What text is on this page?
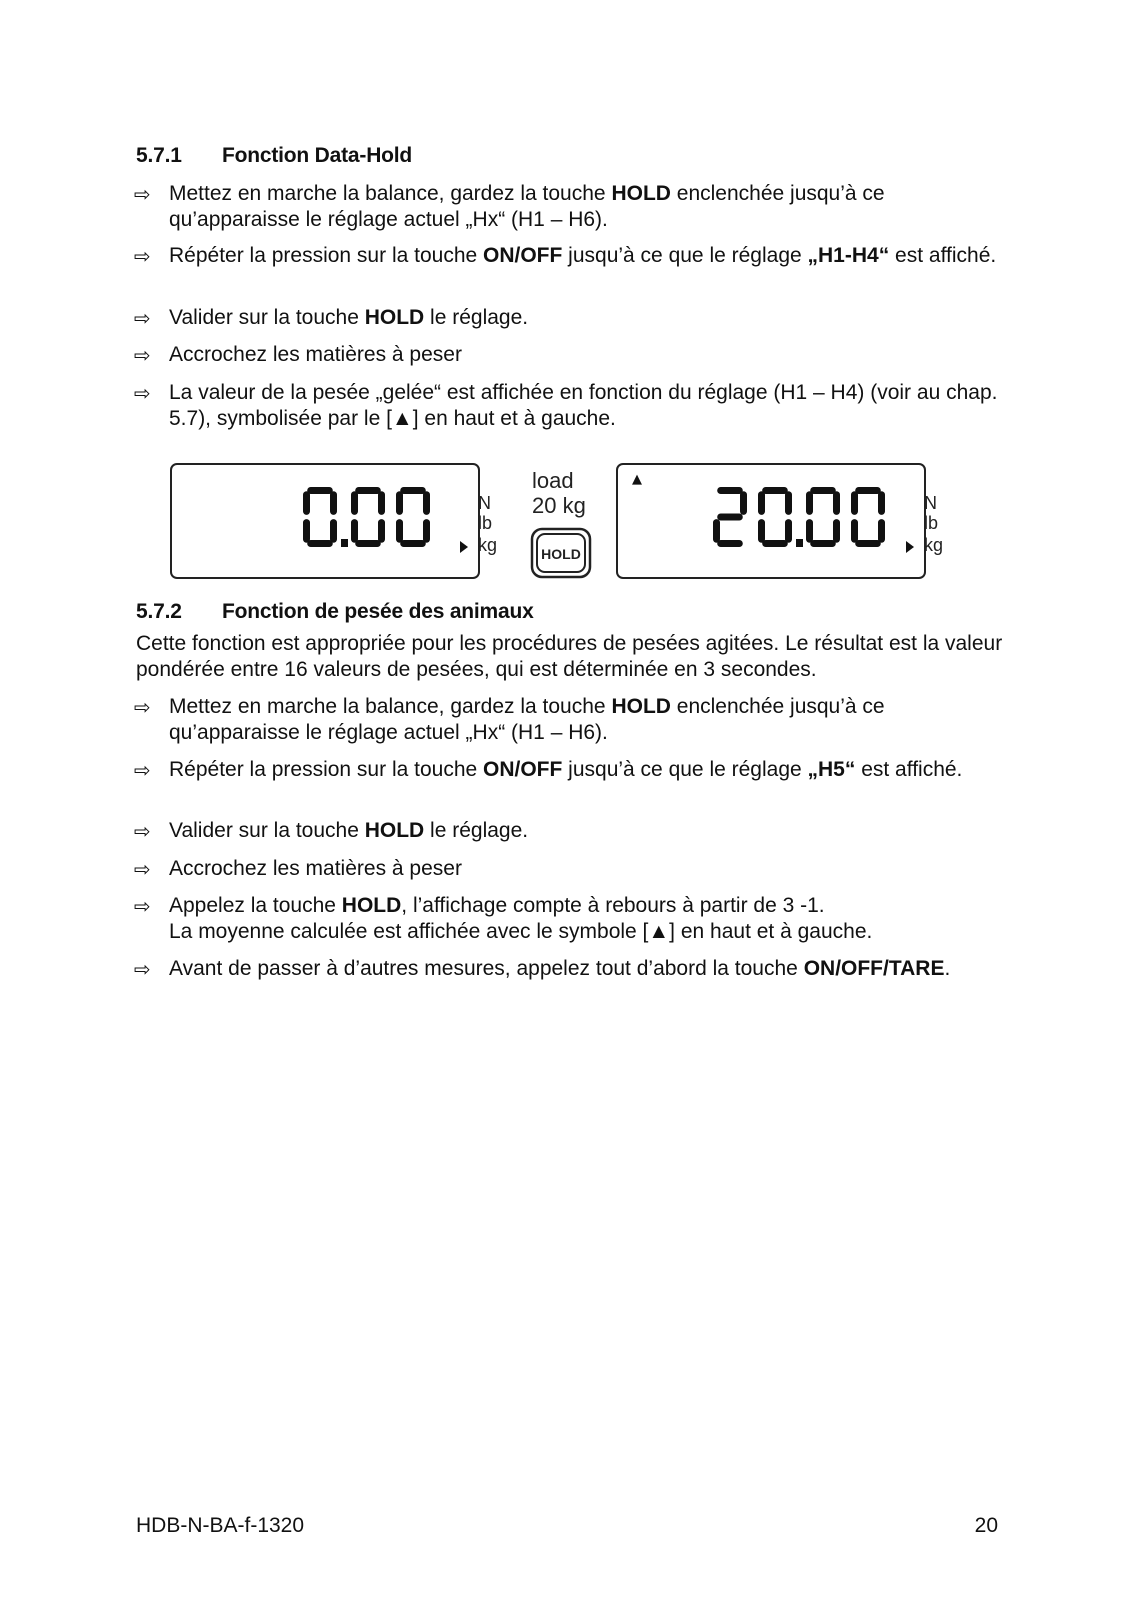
5.7.1 Fonction Data-Hold
⇨ Mettez en marche la balance, gardez la touche HOLD enclenchée jusqu’à ce qu’apparaisse le réglage actuel „Hx“ (H1 – H6).
⇨ Répéter la pression sur la touche ON/OFF jusqu’à ce que le réglage „H1-H4“ est affiché.
⇨ Valider sur la touche HOLD le réglage.
⇨ Accrochez les matières à peser
⇨ La valeur de la pesée „gelée“ est affichée en fonction du réglage (H1 – H4) (voir au chap. 5.7), symbolisée par le [▲] en haut et à gauche.
N
lb
kg
load
20 kg
HOLD
▲
N
lb
kg
5.7.2 Fonction de pesée des animaux
Cette fonction est appropriée pour les procédures de pesées agitées. Le résultat est la valeur pondérée entre 16 valeurs de pesées, qui est déterminée en 3 secondes.
⇨ Mettez en marche la balance, gardez la touche HOLD enclenchée jusqu’à ce qu’apparaisse le réglage actuel „Hx“ (H1 – H6).
⇨ Répéter la pression sur la touche ON/OFF jusqu’à ce que le réglage „H5“ est affiché.
⇨ Valider sur la touche HOLD le réglage.
⇨ Accrochez les matières à peser
⇨ Appelez la touche HOLD, l’affichage compte à rebours à partir de 3 -1.
La moyenne calculée est affichée avec le symbole [▲] en haut et à gauche.
⇨ Avant de passer à d’autres mesures, appelez tout d’abord la touche ON/OFF/TARE.
HDB-N-BA-f-1320	20
